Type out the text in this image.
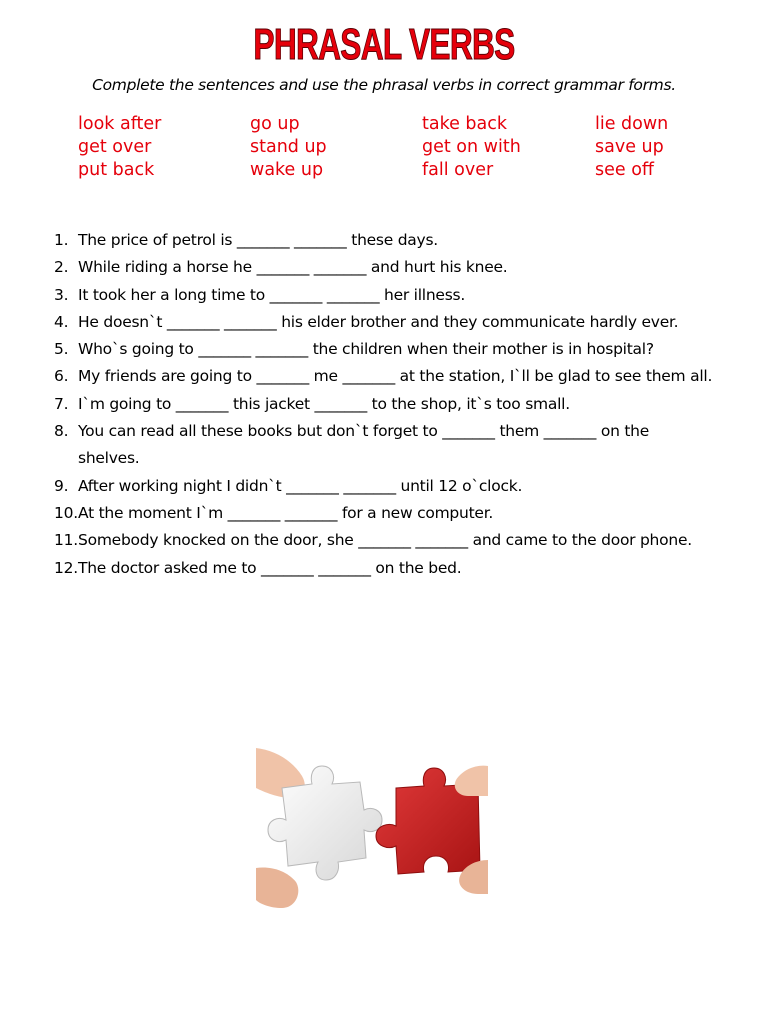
PHRASAL VERBS
Complete the sentences and use the phrasal verbs in correct grammar forms.
look after	go up	take back	lie down
get over	stand up	get on with	save up
put back	wake up	fall over	see off
1. The price of petrol is _______ _______ these days.
2. While riding a horse he _______ _______ and hurt his knee.
3. It took her a long time to _______ _______ her illness.
4. He doesn`t _______ _______ his elder brother and they communicate hardly ever.
5. Who`s going to _______ _______ the children when their mother is in hospital?
6. My friends are going to _______ me _______ at the station, I`ll be glad to see them all.
7. I`m going to _______ this jacket _______ to the shop, it`s too small.
8. You can read all these books but don`t forget to _______ them _______ on the shelves.
9. After working night I didn`t _______ _______ until 12 o`clock.
10. At the moment I`m _______ _______ for a new computer.
11. Somebody knocked on the door, she _______ _______ and came to the door phone.
12. The doctor asked me to _______ _______ on the bed.
